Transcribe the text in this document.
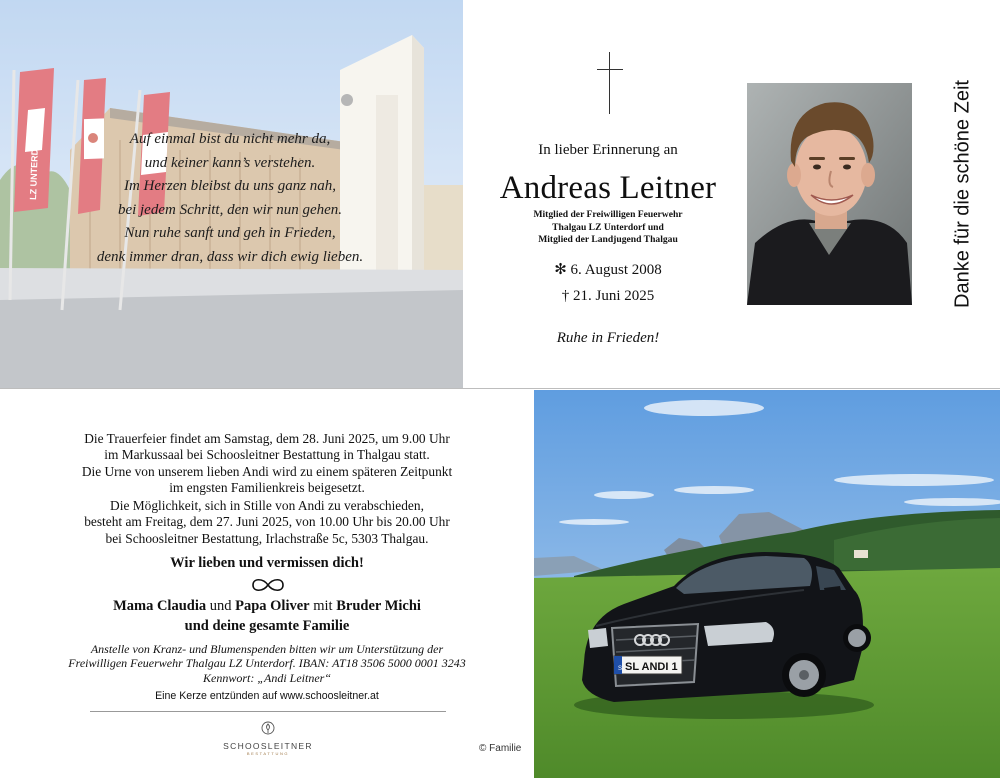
LZ UNTERDORF	Auf einmal bist du nicht mehr da,
und keiner kann’s verstehen.
Im Herzen bleibst du uns ganz nah,
bei jedem Schritt, den wir nun gehen.
Nun ruhe sanft und geh in Frieden,
denk immer dran, dass wir dich ewig lieben.
In lieber Erinnerung an
Andreas Leitner
Mitglied der Freiwilligen Feuerwehr
Thalgau LZ Unterdorf und
Mitglied der Landjugend Thalgau
✻ 6. August 2008
† 21. Juni 2025
Ruhe in Frieden!
Danke für die schöne Zeit
Die Trauerfeier findet am Samstag, dem 28. Juni 2025, um 9.00 Uhr
im Markussaal bei Schoosleitner Bestattung in Thalgau statt.
Die Urne von unserem lieben Andi wird zu einem späteren Zeitpunkt
im engsten Familienkreis beigesetzt.
Die Möglichkeit, sich in Stille von Andi zu verabschieden,
besteht am Freitag, dem 27. Juni 2025, von 10.00 Uhr bis 20.00 Uhr
bei Schoosleitner Bestattung, Irlachstraße 5c, 5303 Thalgau.
Wir lieben und vermissen dich!
Mama Claudia und Papa Oliver mit Bruder Michi
und deine gesamte Familie
Anstelle von Kranz- und Blumenspenden bitten wir um Unterstützung der
Freiwilligen Feuerwehr Thalgau LZ Unterdorf. IBAN: AT18 3506 5000 0001 3243
Kennwort: „Andi Leitner“
Eine Kerze entzünden auf www.schoosleitner.at
SCHOOSLEITNER
BESTATTUNG	© Familie
S SL ANDI 1
